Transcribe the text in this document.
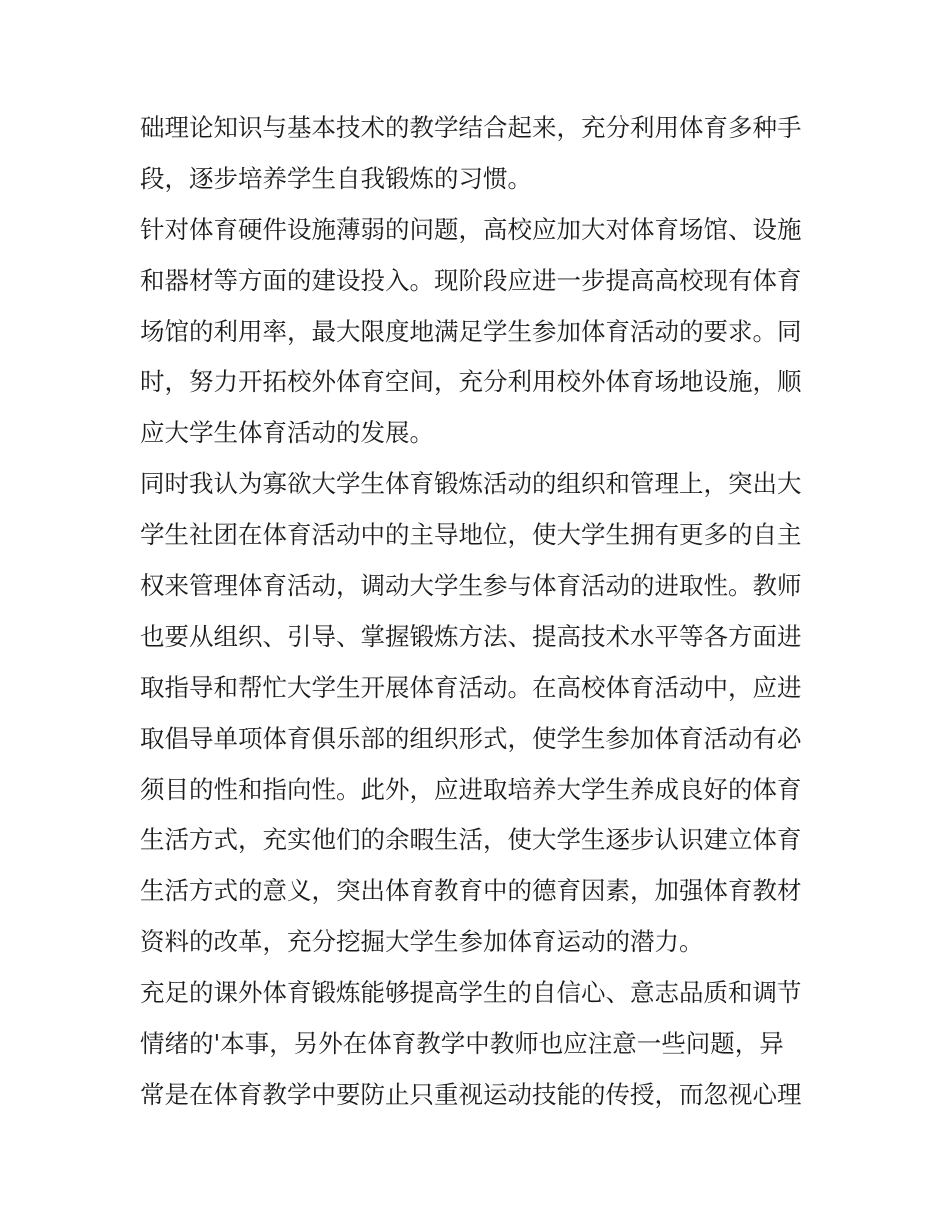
础理论知识与基本技术的教学结合起来，充分利用体育多种手
段，逐步培养学生自我锻炼的习惯。
针对体育硬件设施薄弱的问题，高校应加大对体育场馆、设施
和器材等方面的建设投入。现阶段应进一步提高高校现有体育
场馆的利用率，最大限度地满足学生参加体育活动的要求。同
时，努力开拓校外体育空间，充分利用校外体育场地设施，顺
应大学生体育活动的发展。
同时我认为寡欲大学生体育锻炼活动的组织和管理上，突出大
学生社团在体育活动中的主导地位，使大学生拥有更多的自主
权来管理体育活动，调动大学生参与体育活动的进取性。教师
也要从组织、引导、掌握锻炼方法、提高技术水平等各方面进
取指导和帮忙大学生开展体育活动。在高校体育活动中，应进
取倡导单项体育俱乐部的组织形式，使学生参加体育活动有必
须目的性和指向性。此外，应进取培养大学生养成良好的体育
生活方式，充实他们的余暇生活，使大学生逐步认识建立体育
生活方式的意义，突出体育教育中的德育因素，加强体育教材
资料的改革，充分挖掘大学生参加体育运动的潜力。
充足的课外体育锻炼能够提高学生的自信心、意志品质和调节
情绪的'本事，另外在体育教学中教师也应注意一些问题，异
常是在体育教学中要防止只重视运动技能的传授，而忽视心理
